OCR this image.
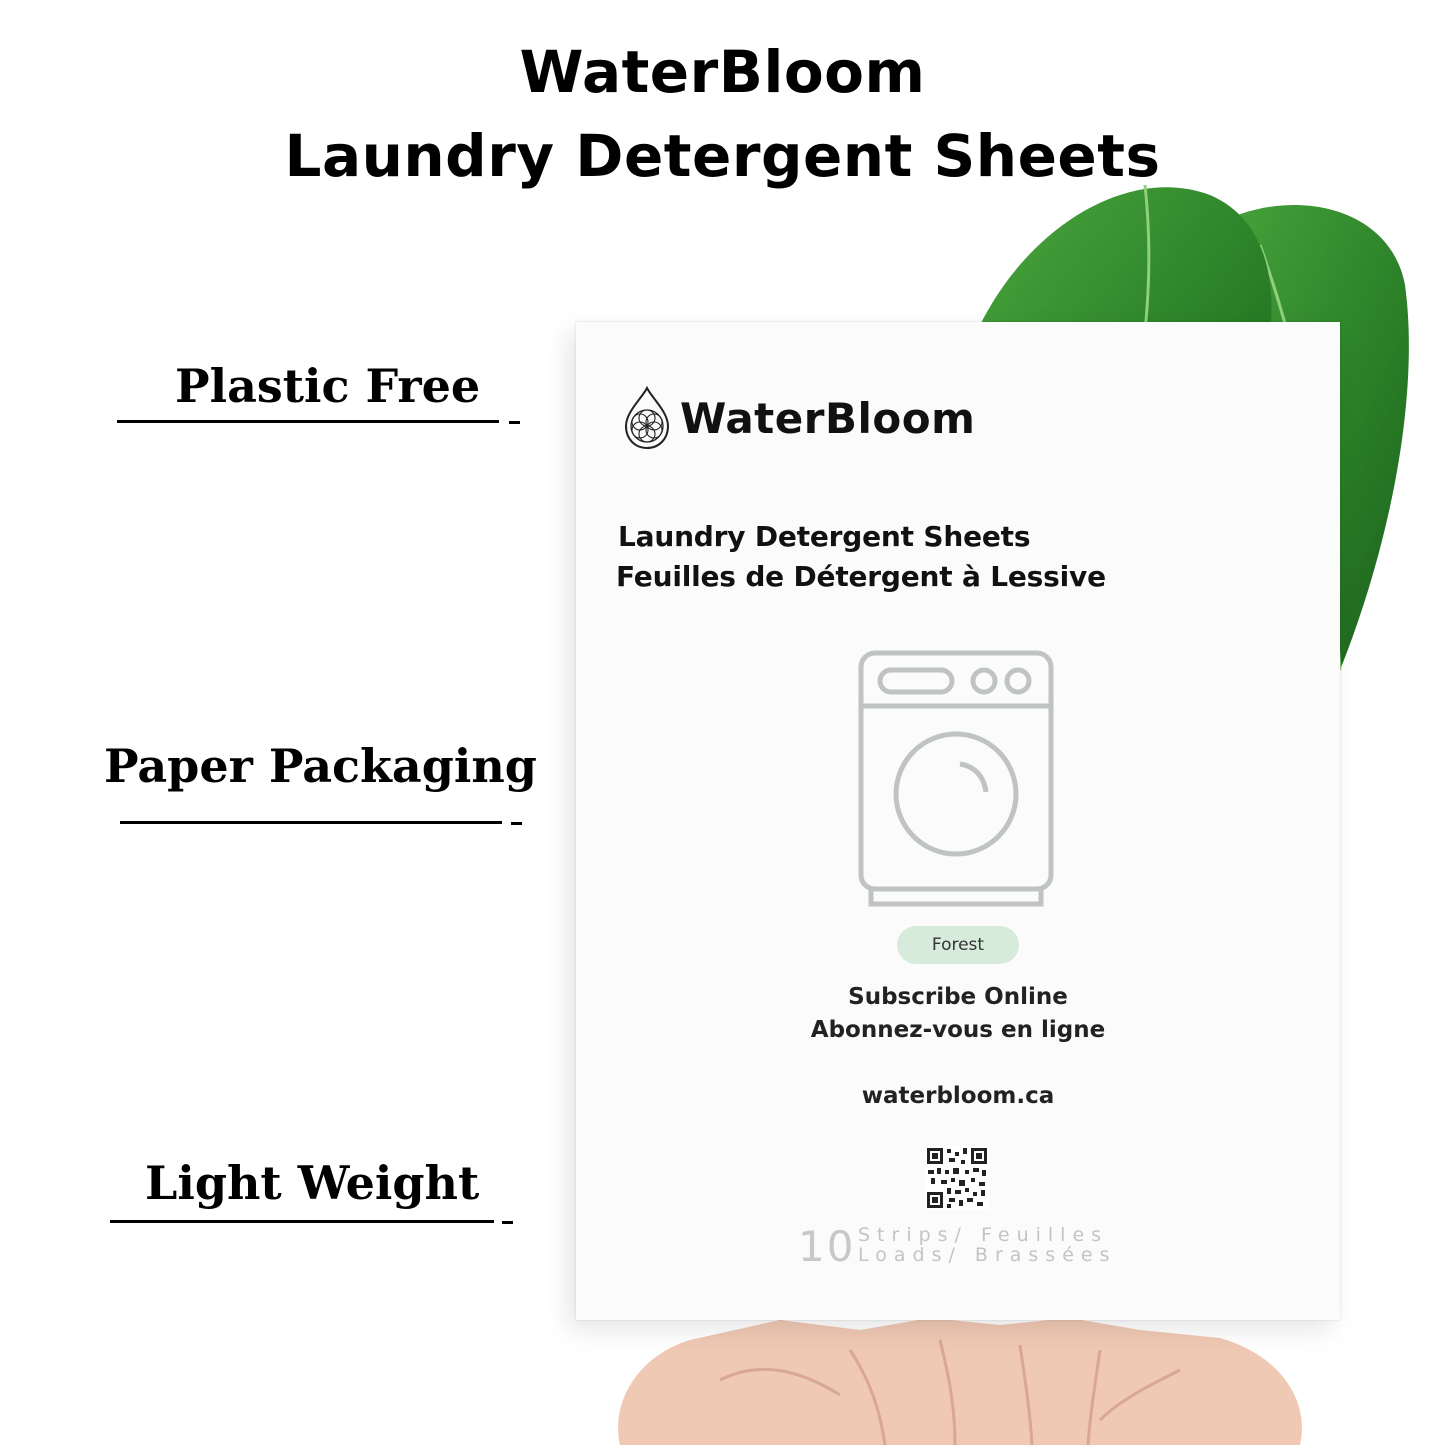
WaterBloom
Laundry Detergent Sheets
Plastic Free
Paper Packaging
Light Weight
WaterBloom
Laundry Detergent Sheets
Feuilles de Détergent à Lessive
Forest
Subscribe Online
Abonnez-vous en ligne
waterbloom.ca
10 Strips/ Feuilles
Loads/ Brassées
